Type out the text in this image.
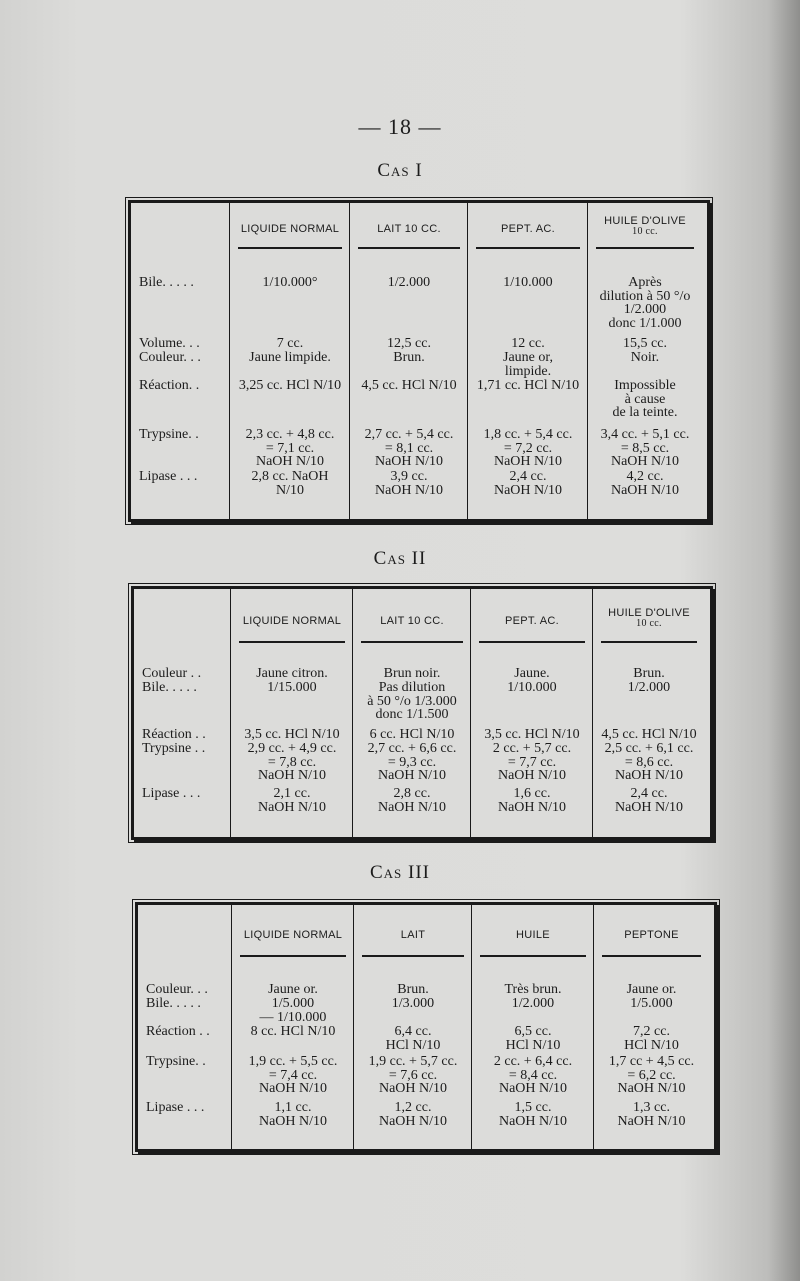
— 18 —
Cas I
Bile. . . . .
Volume. . .
Couleur. . .
Réaction. .
Trypsine. .
Lipase . . .
LIQUIDE NORMAL
1/10.000°
7 cc.
Jaune limpide.
3,25 cc. HCl N/10
2,3 cc. + 4,8 cc.
= 7,1 cc.
NaOH N/10
2,8 cc. NaOH
N/10
LAIT 10 CC.
1/2.000
12,5 cc.
Brun.
4,5 cc. HCl N/10
2,7 cc. + 5,4 cc.
= 8,1 cc.
NaOH N/10
3,9 cc.
NaOH N/10
PEPT. AC.
1/10.000
12 cc.
Jaune or,
limpide.
1,71 cc. HCl N/10
1,8 cc. + 5,4 cc.
= 7,2 cc.
NaOH N/10
2,4 cc.
NaOH N/10
HUILE D'OLIVE
10 cc.
Après
dilution à 50 °/o
1/2.000
donc 1/1.000
15,5 cc.
Noir.
Impossible
à cause
de la teinte.
3,4 cc. + 5,1 cc.
= 8,5 cc.
NaOH N/10
4,2 cc.
NaOH N/10
Cas II
Couleur . .
Bile. . . . .
Réaction . .
Trypsine . .
Lipase . . .
LIQUIDE NORMAL
Jaune citron.
1/15.000
3,5 cc. HCl N/10
2,9 cc. + 4,9 cc.
= 7,8 cc.
NaOH N/10
2,1 cc.
NaOH N/10
LAIT 10 CC.
Brun noir.
Pas dilution
à 50 °/o 1/3.000
donc 1/1.500
6 cc. HCl N/10
2,7 cc. + 6,6 cc.
= 9,3 cc.
NaOH N/10
2,8 cc.
NaOH N/10
PEPT. AC.
Jaune.
1/10.000
3,5 cc. HCl N/10
2 cc. + 5,7 cc.
= 7,7 cc.
NaOH N/10
1,6 cc.
NaOH N/10
HUILE D'OLIVE
10 cc.
Brun.
1/2.000
4,5 cc. HCl N/10
2,5 cc. + 6,1 cc.
= 8,6 cc.
NaOH N/10
2,4 cc.
NaOH N/10
Cas III
Couleur. . .
Bile. . . . .
Réaction . .
Trypsine. .
Lipase . . .
LIQUIDE NORMAL
Jaune or.
1/5.000
— 1/10.000
8 cc. HCl N/10
1,9 cc. + 5,5 cc.
= 7,4 cc.
NaOH N/10
1,1 cc.
NaOH N/10
LAIT
Brun.
1/3.000
6,4 cc.
HCl N/10
1,9 cc. + 5,7 cc.
= 7,6 cc.
NaOH N/10
1,2 cc.
NaOH N/10
HUILE
Très brun.
1/2.000
6,5 cc.
HCl N/10
2 cc. + 6,4 cc.
= 8,4 cc.
NaOH N/10
1,5 cc.
NaOH N/10
PEPTONE
Jaune or.
1/5.000
7,2 cc.
HCl N/10
1,7 cc + 4,5 cc.
= 6,2 cc.
NaOH N/10
1,3 cc.
NaOH N/10
